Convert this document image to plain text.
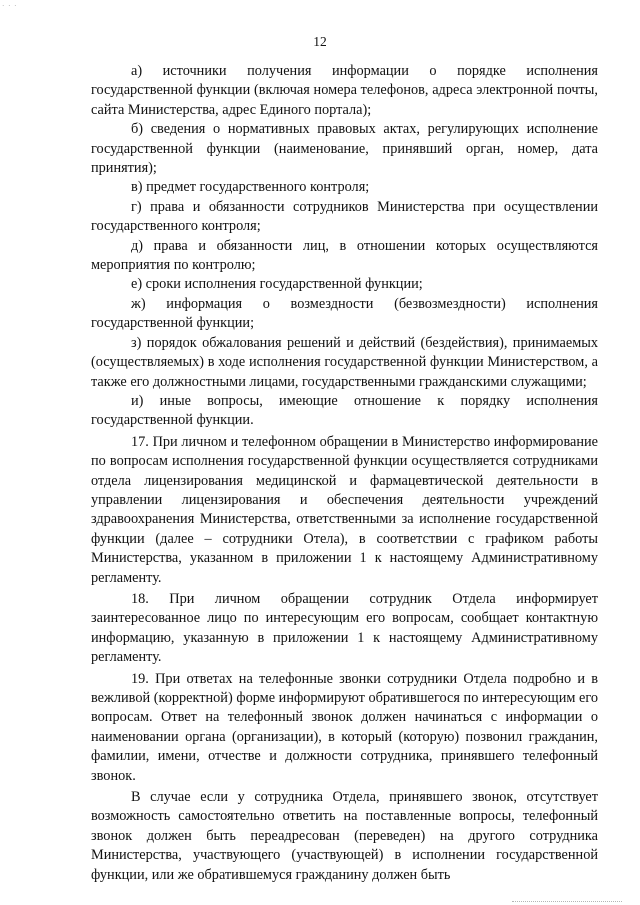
· · ·
12

а) источники получения информации о порядке исполнения государственной функции (включая номера телефонов, адреса электронной почты, сайта Министерства, адрес Единого портала);

б) сведения о нормативных правовых актах, регулирующих исполнение государственной функции (наименование, принявший орган, номер, дата принятия);

в) предмет государственного контроля;

г) права и обязанности сотрудников Министерства при осуществлении государственного контроля;

д) права и обязанности лиц, в отношении которых осуществляются мероприятия по контролю;

е) сроки исполнения государственной функции;

ж) информация о возмездности (безвозмездности) исполнения государственной функции;

з) порядок обжалования решений и действий (бездействия), принимаемых (осуществляемых) в ходе исполнения государственной функции Министерством, а также его должностными лицами, государственными гражданскими служащими;

и) иные вопросы, имеющие отношение к порядку исполнения государственной функции.

17. При личном и телефонном обращении в Министерство информирование по вопросам исполнения государственной функции осуществляется сотрудниками отдела лицензирования медицинской и фармацевтической деятельности в управлении лицензирования и обеспечения деятельности учреждений здравоохранения Министерства, ответственными за исполнение государственной функции (далее – сотрудники Отела), в соответствии с графиком работы Министерства, указанном в приложении 1 к настоящему Административному регламенту.

18. При личном обращении сотрудник Отдела информирует заинтересованное лицо по интересующим его вопросам, сообщает контактную информацию, указанную в приложении 1 к настоящему Административному регламенту.

19. При ответах на телефонные звонки сотрудники Отдела подробно и в вежливой (корректной) форме информируют обратившегося по интересующим его вопросам. Ответ на телефонный звонок должен начинаться с информации о наименовании органа (организации), в который (которую) позвонил гражданин, фамилии, имени, отчестве и должности сотрудника, принявшего телефонный звонок.

В случае если у сотрудника Отдела, принявшего звонок, отсутствует возможность самостоятельно ответить на поставленные вопросы, телефонный звонок должен быть переадресован (переведен) на другого сотрудника Министерства, участвующего (участвующей) в исполнении государственной функции, или же обратившемуся гражданину должен быть
